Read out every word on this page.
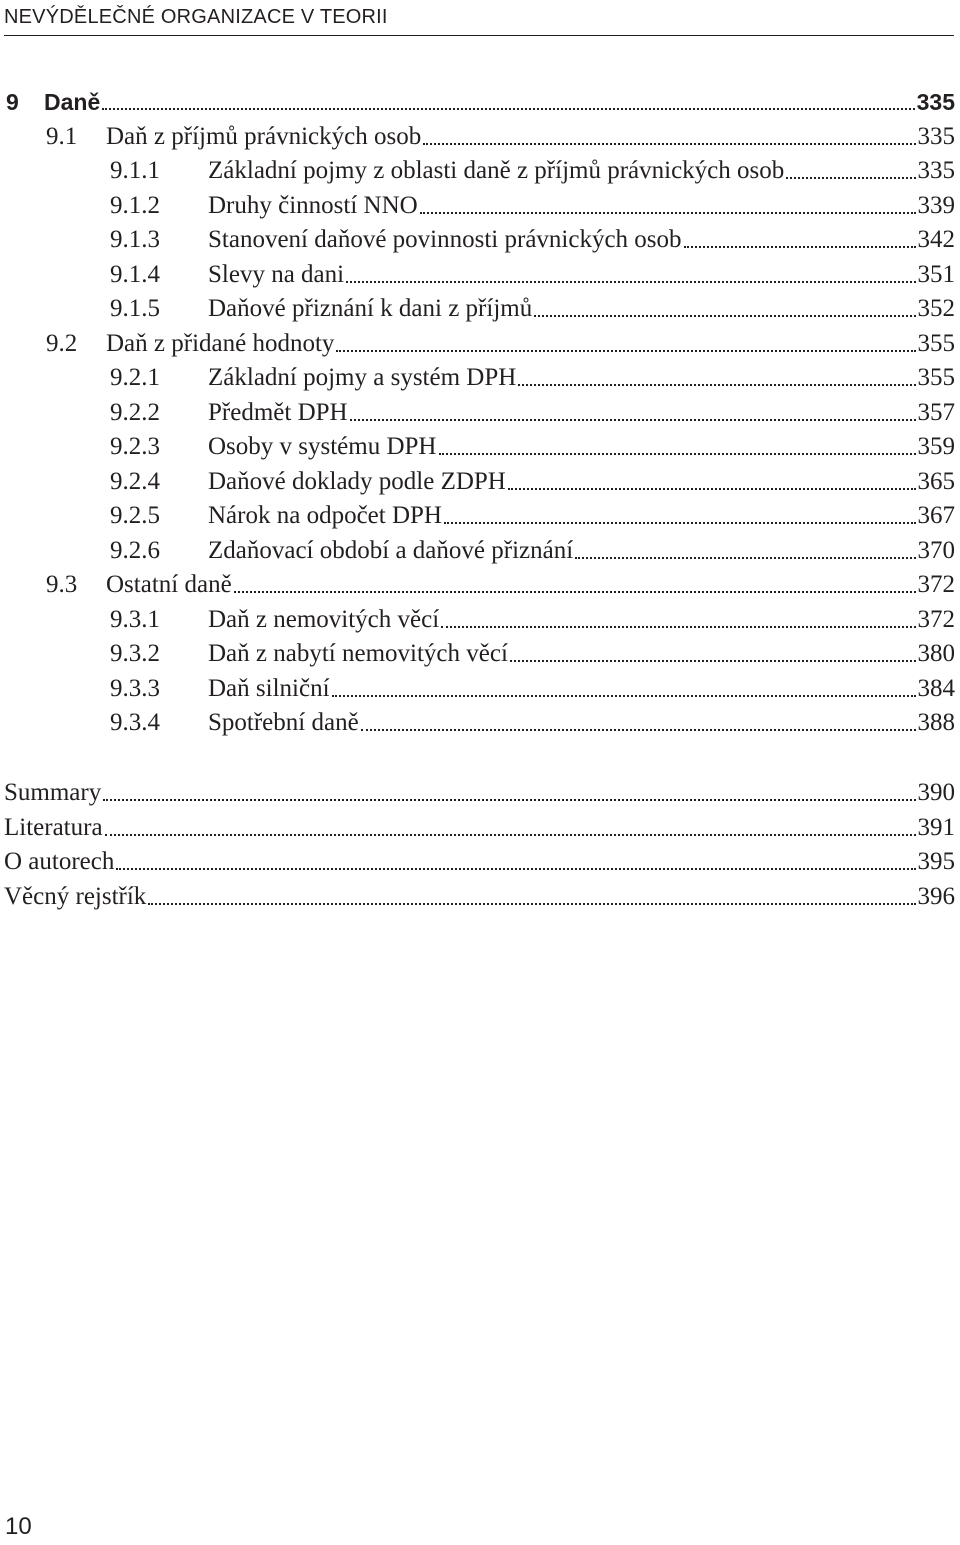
NEVÝDĚLEČNÉ ORGANIZACE V TEORII
9	Daně	335
9.1	Daň z příjmů právnických osob	335
9.1.1	Základní pojmy z oblasti daně z příjmů právnických osob	335
9.1.2	Druhy činností NNO	339
9.1.3	Stanovení daňové povinnosti právnických osob	342
9.1.4	Slevy na dani	351
9.1.5	Daňové přiznání k dani z příjmů	352
9.2	Daň z přidané hodnoty	355
9.2.1	Základní pojmy a systém DPH	355
9.2.2	Předmět DPH	357
9.2.3	Osoby v systému DPH	359
9.2.4	Daňové doklady podle ZDPH	365
9.2.5	Nárok na odpočet DPH	367
9.2.6	Zdaňovací období a daňové přiznání	370
9.3	Ostatní daně	372
9.3.1	Daň z nemovitých věcí	372
9.3.2	Daň z nabytí nemovitých věcí	380
9.3.3	Daň silniční	384
9.3.4	Spotřební daně	388
Summary	390
Literatura	391
O autorech	395
Věcný rejstřík	396
10
